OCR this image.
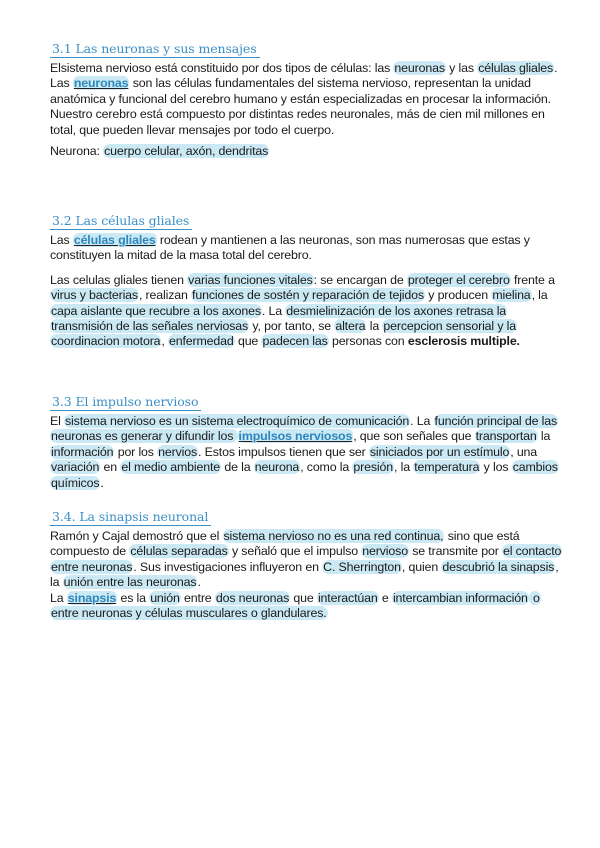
3.1 Las neuronas y sus mensajes

Elsistema nervioso está constituido por dos tipos de células: las neuronas y las células gliales.

Las neuronas son las células fundamentales del sistema nervioso, representan la unidad anatómica y funcional del cerebro humano y están especializadas en procesar la información. Nuestro cerebro está compuesto por distintas redes neuronales, más de cien mil millones en total, que pueden llevar mensajes por todo el cuerpo.

Neurona: cuerpo celular, axón, dendritas

3.2 Las células gliales

Las células gliales rodean y mantienen a las neuronas, son mas numerosas que estas y constituyen la mitad de la masa total del cerebro.

Las celulas gliales tienen varias funciones vitales: se encargan de proteger el cerebro frente a virus y bacterias, realizan funciones de sostén y reparación de tejidos y producen mielina, la capa aislante que recubre a los axones. La desmielinización de los axones retrasa la transmisión de las señales nerviosas y, por tanto, se altera la percepcion sensorial y la coordinacion motora, enfermedad que padecen las personas con esclerosis multiple.

3.3 El impulso nervioso

El sistema nervioso es un sistema electroquímico de comunicación. La función principal de las neuronas es generar y difundir los impulsos nerviosos, que son señales que transportan la información por los nervios. Estos impulsos tienen que ser siniciados por un estímulo, una variación en el medio ambiente de la neurona, como la presión, la temperatura y los cambios químicos.

3.4. La sinapsis neuronal

Ramón y Cajal demostró que el sistema nervioso no es una red continua, sino que está compuesto de células separadas y señaló que el impulso nervioso se transmite por el contacto entre neuronas. Sus investigaciones influyeron en C. Sherrington, quien descubrió la sinapsis, la unión entre las neuronas.

La sinapsis es la unión entre dos neuronas que interactúan e intercambian información o entre neuronas y células musculares o glandulares.
